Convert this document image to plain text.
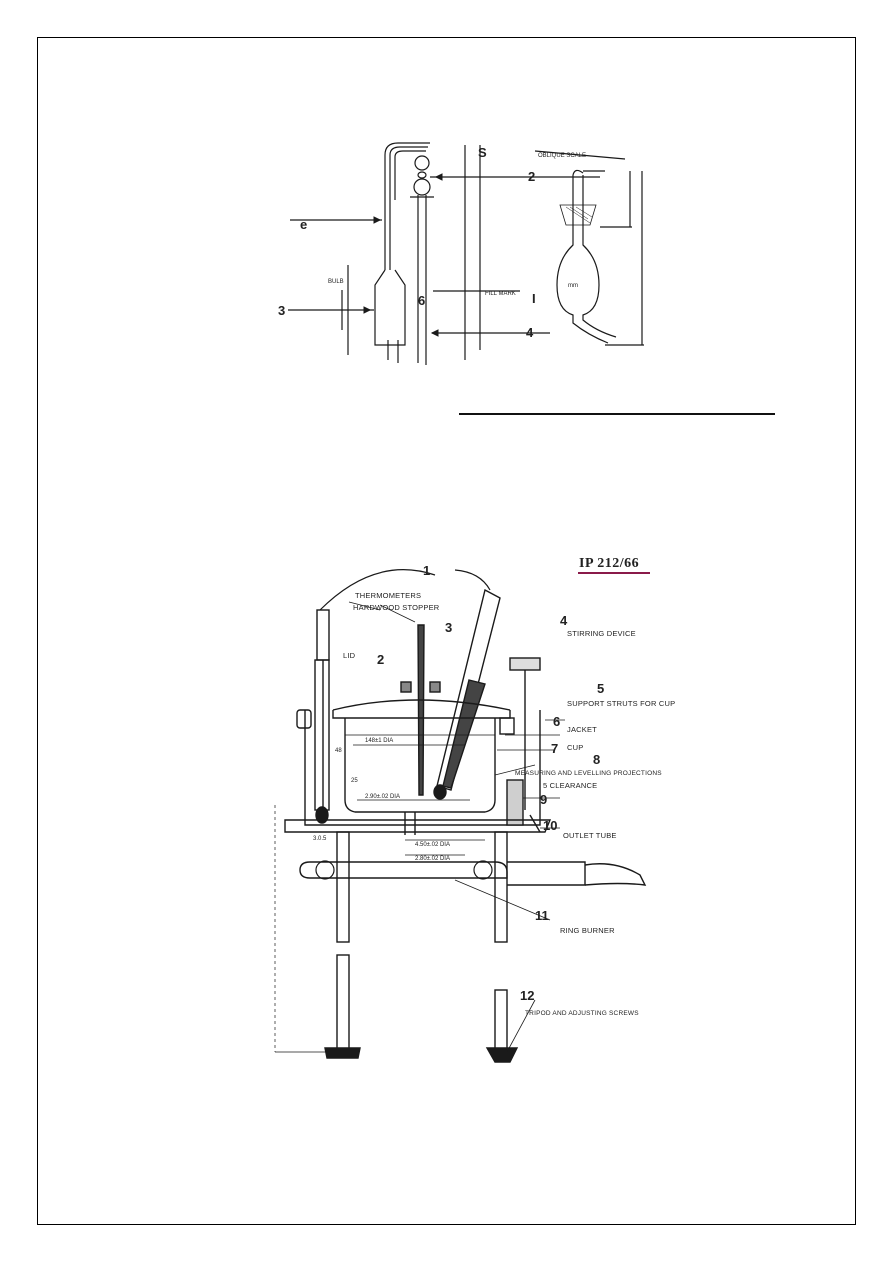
e
3
S
2
6
4
I
OBLIQUE SCALE
BULB
mm
FILL MARK
IP 212/66
1
2
3	4
5
6
7
8
9
10
11
12
THERMOMETERS
LID
HARDWOOD STOPPER
STIRRING DEVICE
SUPPORT STRUTS FOR CUP
JACKET
CUP
MEASURING AND LEVELLING PROJECTIONS
5 CLEARANCE
OUTLET TUBE
RING BURNER
TRIPOD AND ADJUSTING SCREWS
148±1 DIA
2.90±.02 DIA
4.50±.02 DIA
2.80±.02 DIA
3.0.5
48
25
